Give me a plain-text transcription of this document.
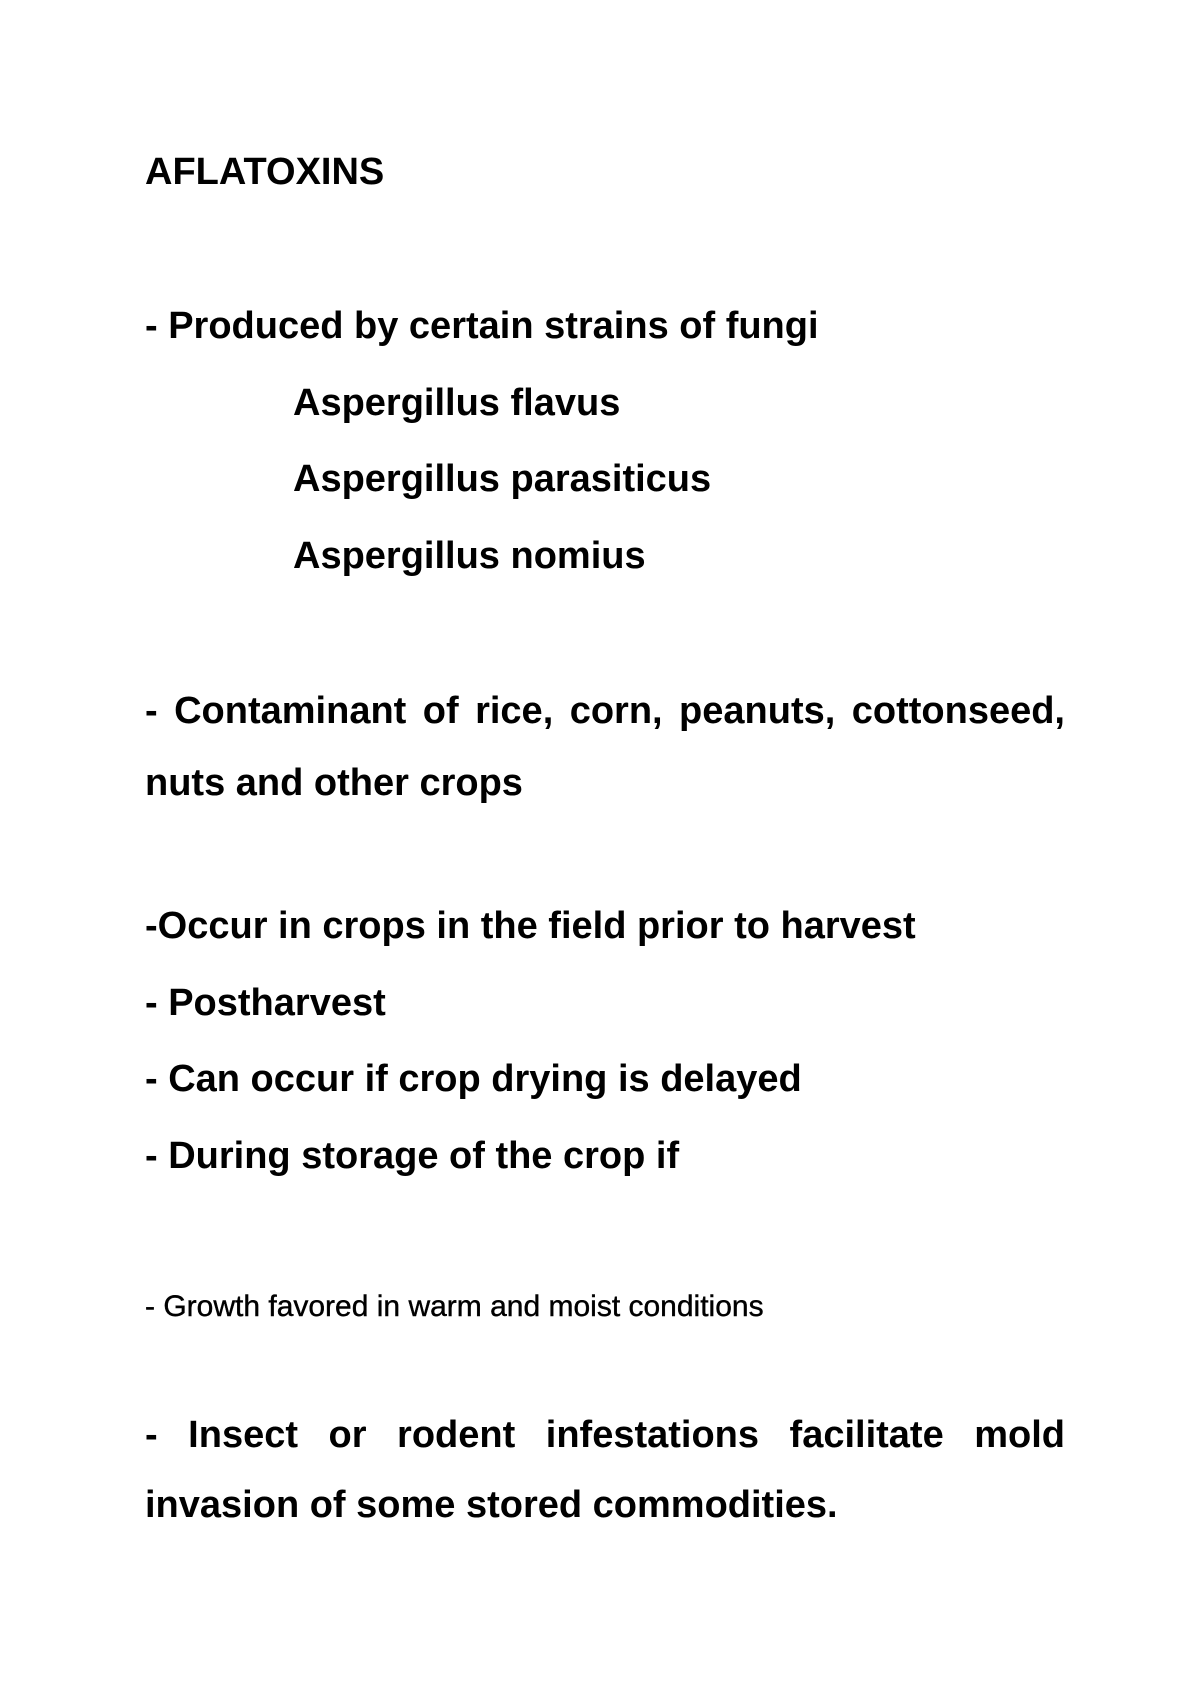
AFLATOXINS
- Produced by certain strains of fungi
Aspergillus flavus
Aspergillus parasiticus
Aspergillus nomius
- Contaminant of rice, corn, peanuts, cottonseed, nuts and other crops
-Occur in crops in the field prior to harvest
- Postharvest
- Can occur if crop drying is delayed
- During storage of the crop if
- Growth favored in warm and moist conditions
- Insect or rodent infestations facilitate mold invasion of some stored commodities.
